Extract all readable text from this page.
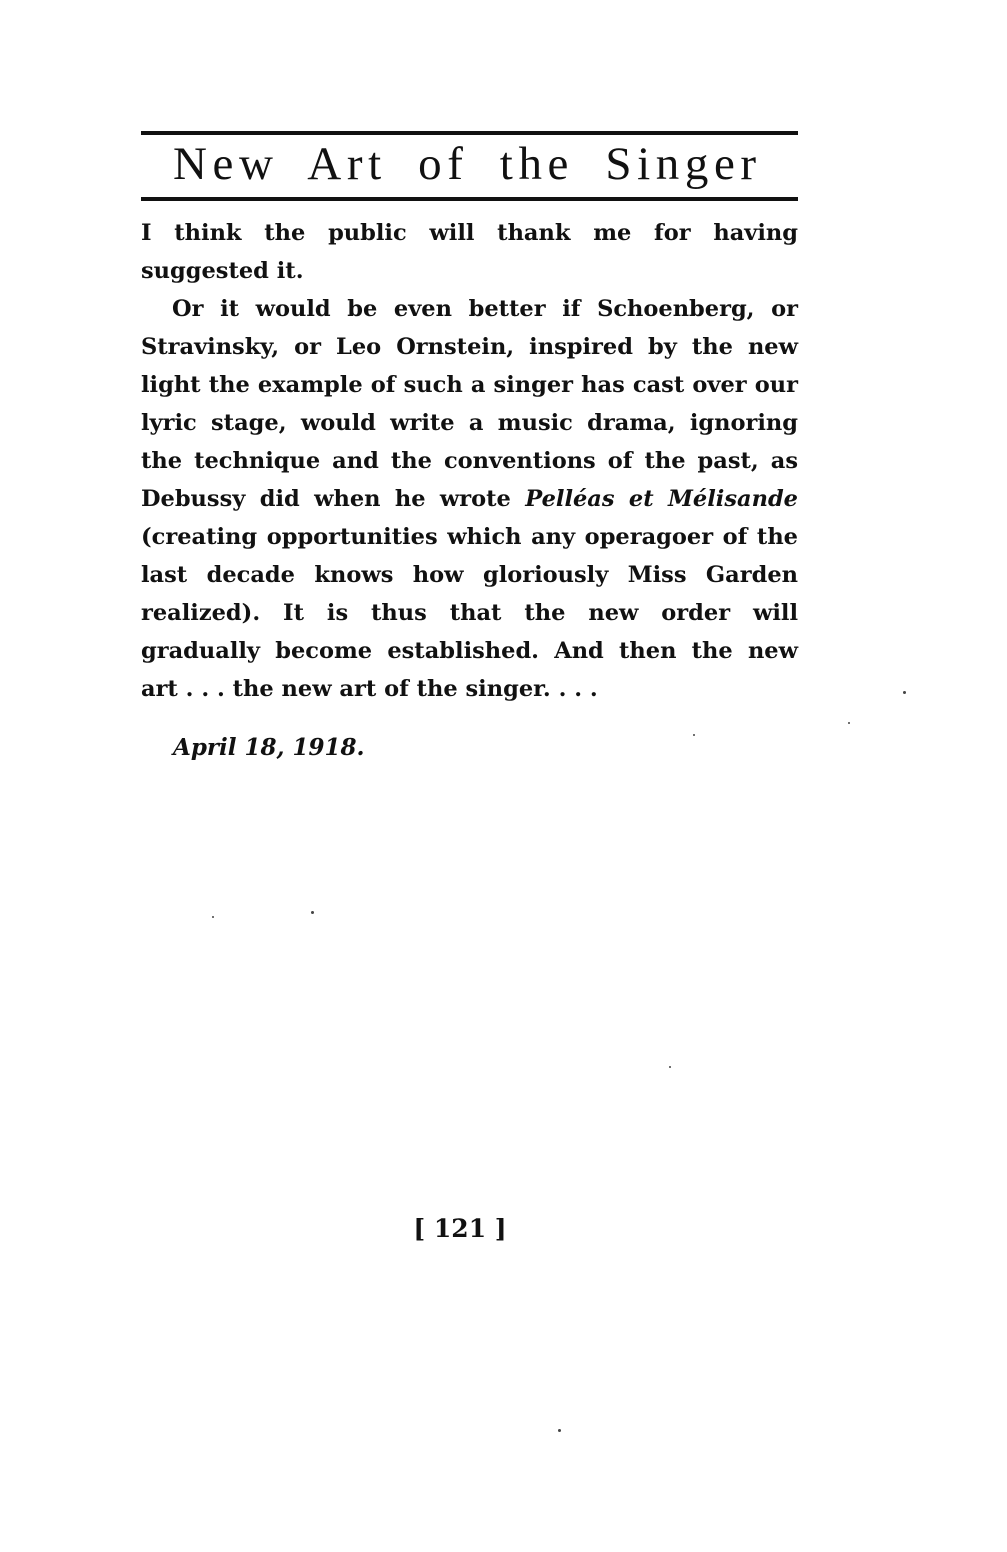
New Art of the Singer

I think the public will thank me for having suggested it.

Or it would be even better if Schoenberg, or Stravinsky, or Leo Ornstein, inspired by the new light the example of such a singer has cast over our lyric stage, would write a music drama, ignoring the technique and the conventions of the past, as Debussy did when he wrote Pelléas et Mélisande (creating opportunities which any operagoer of the last decade knows how gloriously Miss Garden realized). It is thus that the new order will gradually become established. And then the new art . . . the new art of the singer. . . .

April 18, 1918.
[ 121 ]
